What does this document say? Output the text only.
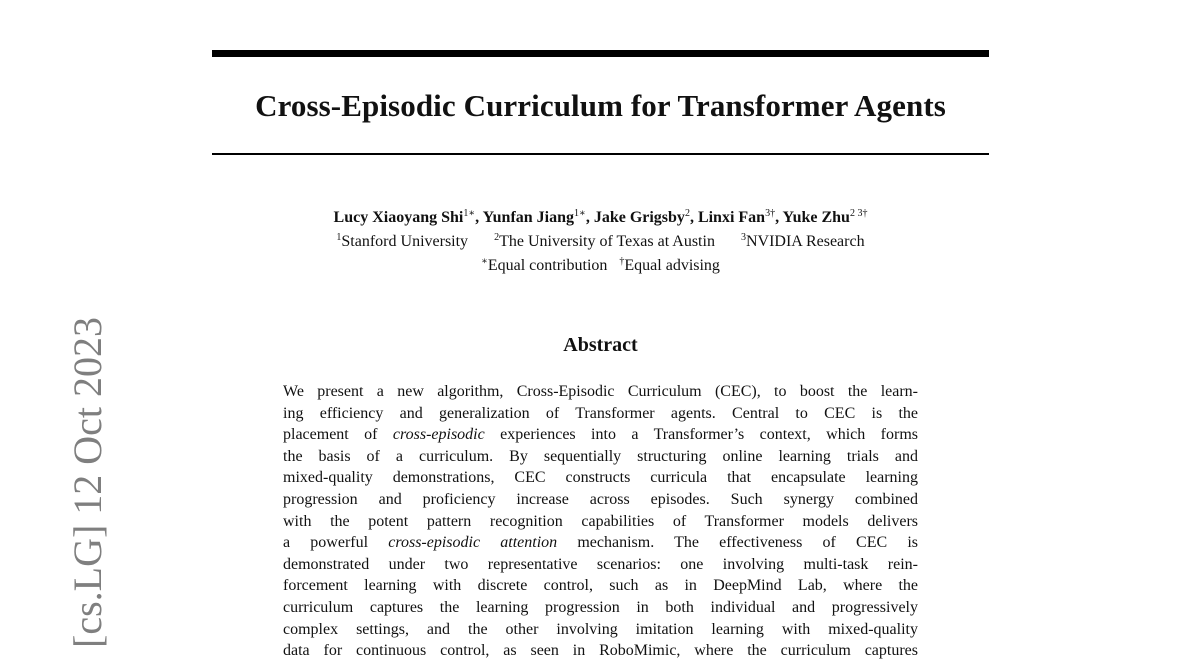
Cross-Episodic Curriculum for Transformer Agents
Lucy Xiaoyang Shi$^{1∗}$, Yunfan Jiang$^{1∗}$, Jake Grigsby$^2$, Linxi Fan$^{3\dagger}$, Yuke Zhu$^{2 3\dagger}$
$^1$Stanford University	$^2$The University of Texas at Austin	$^3$NVIDIA Research
∗Equal contribution †Equal advising
Abstract
We present a new algorithm, Cross-Episodic Curriculum (CEC), to boost the learn-
ing efficiency and generalization of Transformer agents. Central to CEC is the
placement of cross-episodic experiences into a Transformer’s context, which forms
the basis of a curriculum. By sequentially structuring online learning trials and
mixed-quality demonstrations, CEC constructs curricula that encapsulate learning
progression and proficiency increase across episodes. Such synergy combined
with the potent pattern recognition capabilities of Transformer models delivers
a powerful cross-episodic attention mechanism. The effectiveness of CEC is
demonstrated under two representative scenarios: one involving multi-task rein-
forcement learning with discrete control, such as in DeepMind Lab, where the
curriculum captures the learning progression in both individual and progressively
complex settings, and the other involving imitation learning with mixed-quality
data for continuous control, as seen in RoboMimic, where the curriculum captures
[cs.LG] 12 Oct 2023
